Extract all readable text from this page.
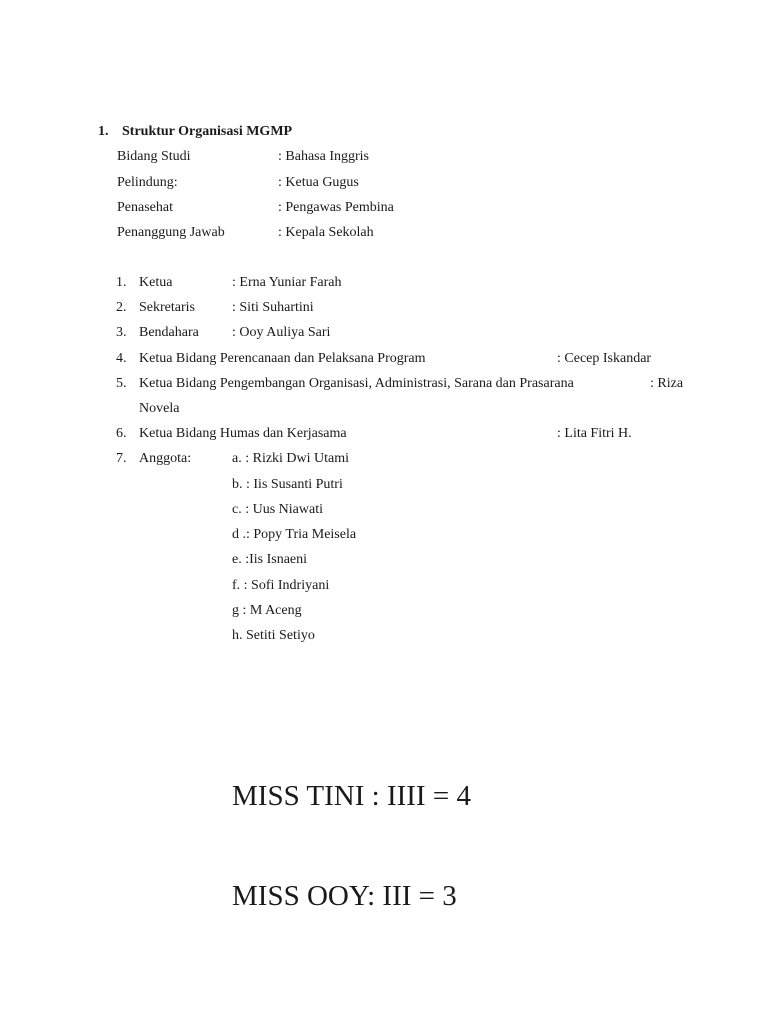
1. Struktur Organisasi MGMP
Bidang Studi	: Bahasa Inggris
Pelindung:	: Ketua Gugus
Penasehat	: Pengawas Pembina
Penanggung Jawab	: Kepala Sekolah
1. Ketua	: Erna Yuniar Farah
2. Sekretaris	: Siti Suhartini
3. Bendahara : Ooy Auliya Sari
4. Ketua Bidang Perencanaan dan Pelaksana Program	: Cecep Iskandar
5. Ketua Bidang Pengembangan Organisasi, Administrasi, Sarana dan Prasarana	: Riza
Novela
6. Ketua Bidang Humas dan Kerjasama	: Lita Fitri H.
7. Anggota:	a. : Rizki Dwi Utami
b. : Iis Susanti Putri
c. : Uus Niawati
d .: Popy Tria Meisela
e. :Iis Isnaeni
f. : Sofi Indriyani
g : M Aceng
h. Setiti Setiyo
MISS TINI : IIII = 4
MISS OOY: III = 3
